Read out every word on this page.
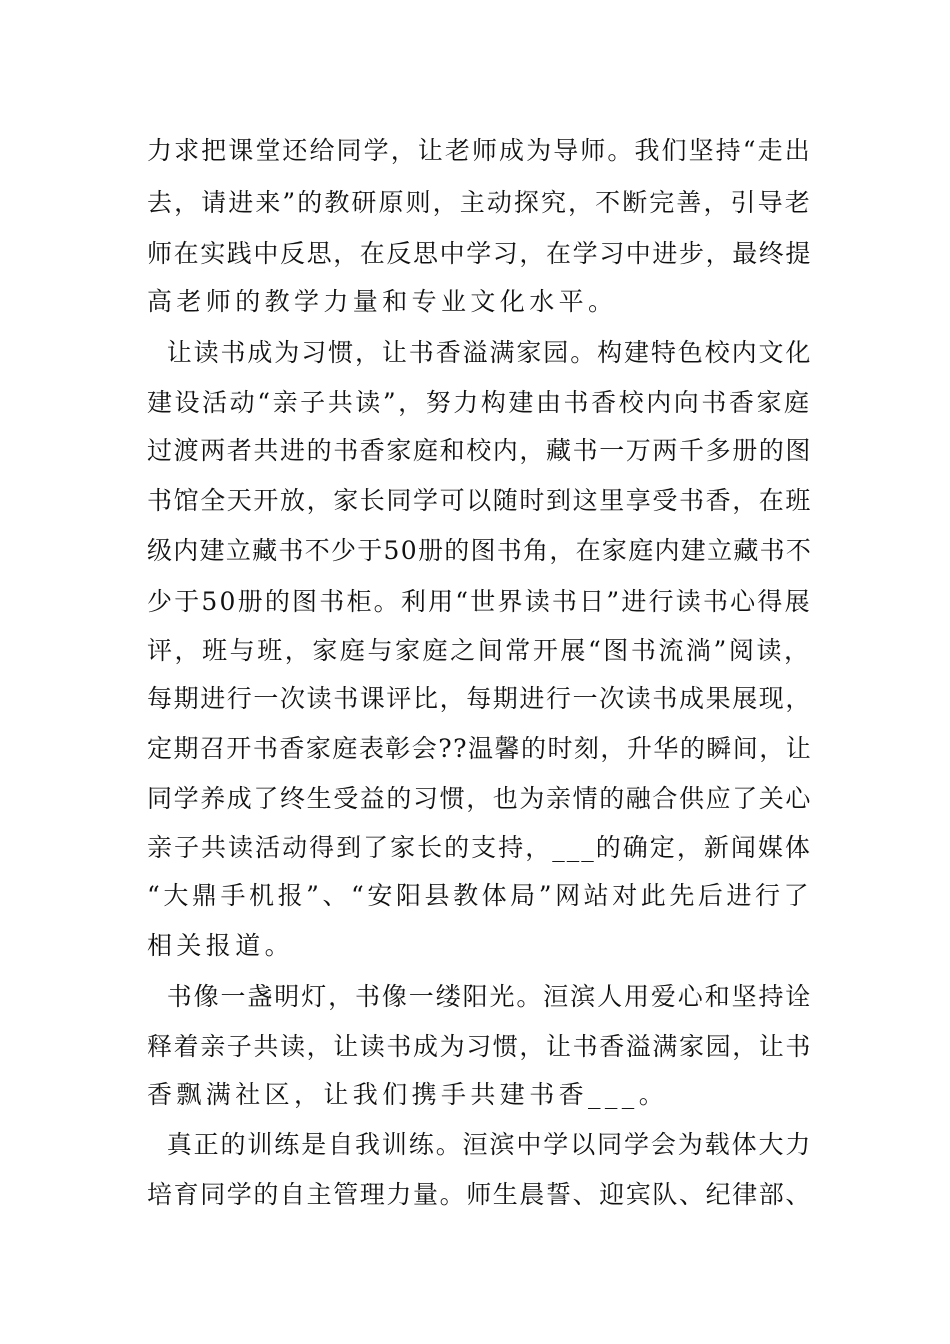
力求把课堂还给同学，让老师成为导师。我们坚持“走出
去，请进来”的教研原则，主动探究，不断完善，引导老
师在实践中反思，在反思中学习，在学习中进步，最终提
高老师的教学力量和专业文化水平。
让读书成为习惯，让书香溢满家园。构建特色校内文化
建设活动“亲子共读”，努力构建由书香校内向书香家庭
过渡两者共进的书香家庭和校内，藏书一万两千多册的图
书馆全天开放，家长同学可以随时到这里享受书香，在班
级内建立藏书不少于50册的图书角，在家庭内建立藏书不
少于50册的图书柜。利用“世界读书日”进行读书心得展
评，班与班，家庭与家庭之间常开展“图书流淌”阅读，
每期进行一次读书课评比，每期进行一次读书成果展现，
定期召开书香家庭表彰会??温馨的时刻，升华的瞬间，让
同学养成了终生受益的习惯，也为亲情的融合供应了关心
亲子共读活动得到了家长的支持，___的确定，新闻媒体
“大鼎手机报”、“安阳县教体局”网站对此先后进行了
相关报道。
书像一盏明灯，书像一缕阳光。洹滨人用爱心和坚持诠
释着亲子共读，让读书成为习惯，让书香溢满家园，让书
香飘满社区，让我们携手共建书香___。
真正的训练是自我训练。洹滨中学以同学会为载体大力
培育同学的自主管理力量。师生晨誓、迎宾队、纪律部、
